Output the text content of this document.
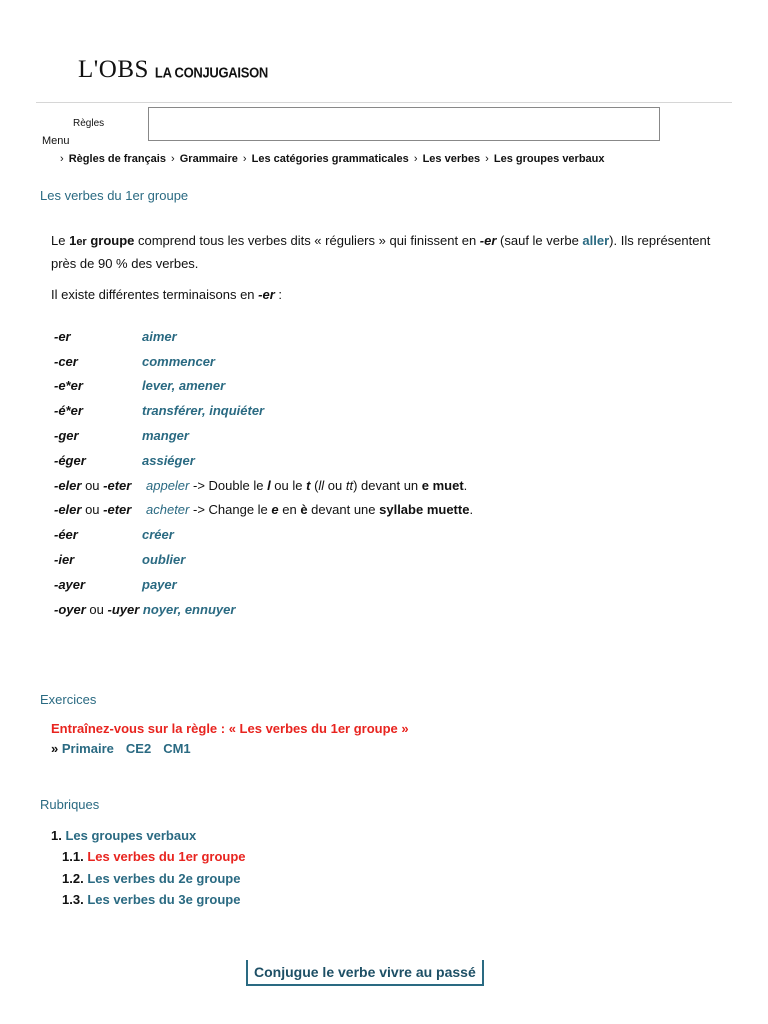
L'OBS LA CONJUGAISON
Règles
Menu
› Règles de français › Grammaire › Les catégories grammaticales › Les verbes › Les groupes verbaux
Les verbes du 1er groupe
Le 1er groupe comprend tous les verbes dits « réguliers » qui finissent en -er (sauf le verbe aller). Ils représentent près de 90 % des verbes.
Il existe différentes terminaisons en -er :
-er	aimer
-cer	commencer
-e*er	lever, amener
-é*er	transférer, inquiéter
-ger	manger
-éger	assiéger
-eler ou -eter	appeler -> Double le l ou le t (ll ou tt) devant un e muet.
-eler ou -eter	acheter -> Change le e en è devant une syllabe muette.
-éer	créer
-ier	oublier
-ayer	payer
-oyer ou -uyer noyer, ennuyer	
Exercices
Entraînez-vous sur la règle : « Les verbes du 1er groupe »
» Primaire CE2 CM1
Rubriques
1. Les groupes verbaux
1.1. Les verbes du 1er groupe
1.2. Les verbes du 2e groupe
1.3. Les verbes du 3e groupe
Conjugue le verbe vivre au passé
